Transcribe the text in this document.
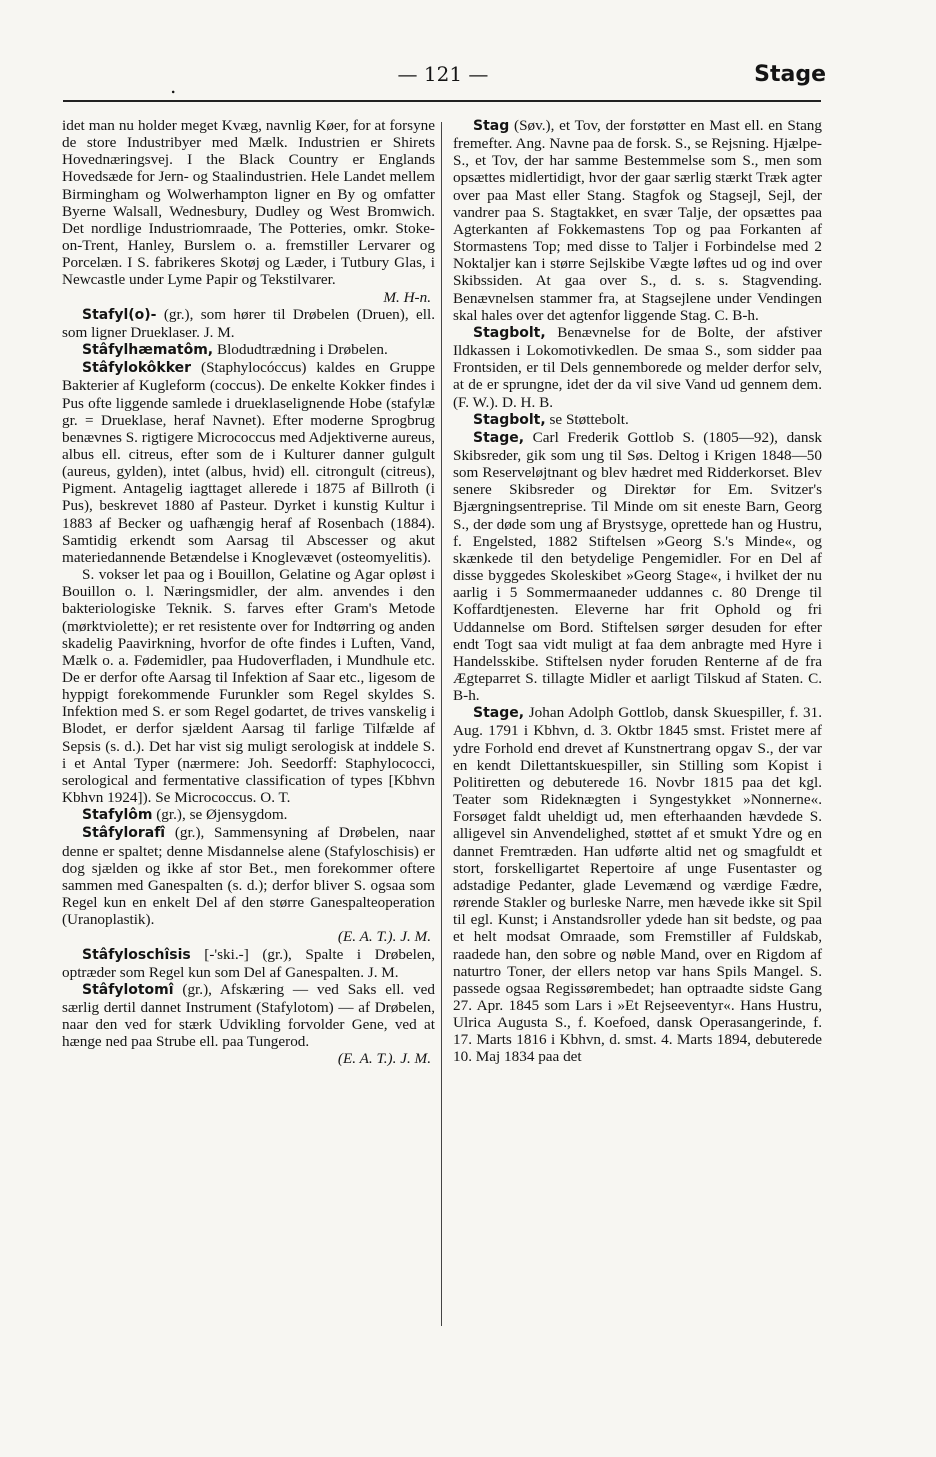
.	— 121 —	Stage

idet man nu holder meget Kvæg, navnlig Køer, for at forsyne de store Industribyer med Mælk. Industrien er Shirets Hovednæringsvej. I the Black Country er Englands Hovedsæde for Jern- og Staalindustrien. Hele Landet mellem Birmingham og Wolwerhampton ligner en By og omfatter Byerne Walsall, Wednesbury, Dudley og West Bromwich. Det nordlige Industriomraade, The Potteries, omkr. Stoke-on-Trent, Hanley, Burslem o. a. fremstiller Lervarer og Porcelæn. I S. fabrikeres Skotøj og Læder, i Tutbury Glas, i Newcastle under Lyme Papir og Tekstilvarer.

M. H-n.

Stafyl(o)- (gr.), som hører til Drøbelen (Druen), ell. som ligner Drueklaser. J. M.

Stâfylhæmatôm, Blodudtrædning i Drøbelen.

Stâfylokôkker (Staphylocóccus) kaldes en Gruppe Bakterier af Kugleform (coccus). De enkelte Kokker findes i Pus ofte liggende samlede i drueklaselignende Hobe (stafylæ gr. = Drueklase, heraf Navnet). Efter moderne Sprogbrug benævnes S. rigtigere Micrococcus med Adjektiverne aureus, albus ell. citreus, efter som de i Kulturer danner gulgult (aureus, gylden), intet (albus, hvid) ell. citrongult (citreus), Pigment. Antagelig iagttaget allerede i 1875 af Billroth (i Pus), beskrevet 1880 af Pasteur. Dyrket i kunstig Kultur i 1883 af Becker og uafhængig heraf af Rosenbach (1884). Samtidig erkendt som Aarsag til Abscesser og akut materiedannende Betændelse i Knoglevævet (osteomyelitis).

S. vokser let paa og i Bouillon, Gelatine og Agar opløst i Bouillon o. l. Næringsmidler, der alm. anvendes i den bakteriologiske Teknik. S. farves efter Gram's Metode (mørktviolette); er ret resistente over for Indtørring og anden skadelig Paavirkning, hvorfor de ofte findes i Luften, Vand, Mælk o. a. Fødemidler, paa Hudoverfladen, i Mundhule etc. De er derfor ofte Aarsag til Infektion af Saar etc., ligesom de hyppigt forekommende Furunkler som Regel skyldes S. Infektion med S. er som Regel godartet, de trives vanskelig i Blodet, er derfor sjældent Aarsag til farlige Tilfælde af Sepsis (s. d.). Det har vist sig muligt serologisk at inddele S. i et Antal Typer (nærmere: Joh. Seedorff: Staphylococci, serological and fermentative classification of types [Kbhvn Kbhvn 1924]). Se Micrococcus. O. T.

Stafylôm (gr.), se Øjensygdom.

Stâfylorafî (gr.), Sammensyning af Drøbelen, naar denne er spaltet; denne Misdannelse alene (Stafyloschisis) er dog sjælden og ikke af stor Bet., men forekommer oftere sammen med Ganespalten (s. d.); derfor bliver S. ogsaa som Regel kun en enkelt Del af den større Ganespalteoperation (Uranoplastik).

(E. A. T.). J. M.

Stâfyloschîsis [-'ski.-] (gr.), Spalte i Drøbelen, optræder som Regel kun som Del af Ganespalten. J. M.

Stâfylotomî (gr.), Afskæring — ved Saks ell. ved særlig dertil dannet Instrument (Stafylotom) — af Drøbelen, naar den ved for stærk Udvikling forvolder Gene, ved at hænge ned paa Strube ell. paa Tungerod.

(E. A. T.). J. M.

Stag (Søv.), et Tov, der forstøtter en Mast ell. en Stang fremefter. Ang. Navne paa de forsk. S., se Rejsning. Hjælpe-S., et Tov, der har samme Bestemmelse som S., men som opsættes midlertidigt, hvor der gaar særlig stærkt Træk agter over paa Mast eller Stang. Stagfok og Stagsejl, Sejl, der vandrer paa S. Stagtakket, en svær Talje, der opsættes paa Agterkanten af Fokkemastens Top og paa Forkanten af Stormastens Top; med disse to Taljer i Forbindelse med 2 Noktaljer kan i større Sejlskibe Vægte løftes ud og ind over Skibssiden. At gaa over S., d. s. s. Stagvending. Benævnelsen stammer fra, at Stagsejlene under Vendingen skal hales over det agtenfor liggende Stag. C. B-h.

Stagbolt, Benævnelse for de Bolte, der afstiver Ildkassen i Lokomotivkedlen. De smaa S., som sidder paa Frontsiden, er til Dels gennemborede og melder derfor selv, at de er sprungne, idet der da vil sive Vand ud gennem dem. (F. W.). D. H. B.

Stagbolt, se Støttebolt.

Stage, Carl Frederik Gottlob S. (1805—92), dansk Skibsreder, gik som ung til Søs. Deltog i Krigen 1848—50 som Reserveløjtnant og blev hædret med Ridderkorset. Blev senere Skibsreder og Direktør for Em. Svitzer's Bjærgningsentreprise. Til Minde om sit eneste Barn, Georg S., der døde som ung af Brystsyge, oprettede han og Hustru, f. Engelsted, 1882 Stiftelsen »Georg S.'s Minde«, og skænkede til den betydelige Pengemidler. For en Del af disse byggedes Skoleskibet »Georg Stage«, i hvilket der nu aarlig i 5 Sommermaaneder uddannes c. 80 Drenge til Koffardtjenesten. Eleverne har frit Ophold og fri Uddannelse om Bord. Stiftelsen sørger desuden for efter endt Togt saa vidt muligt at faa dem anbragte med Hyre i Handelsskibe. Stiftelsen nyder foruden Renterne af de fra Ægteparret S. tillagte Midler et aarligt Tilskud af Staten. C. B-h.

Stage, Johan Adolph Gottlob, dansk Skuespiller, f. 31. Aug. 1791 i Kbhvn, d. 3. Oktbr 1845 smst. Fristet mere af ydre Forhold end drevet af Kunstnertrang opgav S., der var en kendt Dilettantskuespiller, sin Stilling som Kopist i Politiretten og debuterede 16. Novbr 1815 paa det kgl. Teater som Rideknægten i Syngestykket »Nonnerne«. Forsøget faldt uheldigt ud, men efterhaanden hævdede S. alligevel sin Anvendelighed, støttet af et smukt Ydre og en dannet Fremtræden. Han udførte altid net og smagfuldt et stort, forskelligartet Repertoire af unge Fusentaster og adstadige Pedanter, glade Levemænd og værdige Fædre, rørende Stakler og burleske Narre, men hævede ikke sit Spil til egl. Kunst; i Anstandsroller ydede han sit bedste, og paa et helt modsat Omraade, som Fremstiller af Fuldskab, raadede han, den sobre og nøble Mand, over en Rigdom af naturtro Toner, der ellers netop var hans Spils Mangel. S. passede ogsaa Regissørembedet; han optraadte sidste Gang 27. Apr. 1845 som Lars i »Et Rejseeventyr«. Hans Hustru, Ulrica Augusta S., f. Koefoed, dansk Operasangerinde, f. 17. Marts 1816 i Kbhvn, d. smst. 4. Marts 1894, debuterede 10. Maj 1834 paa det
